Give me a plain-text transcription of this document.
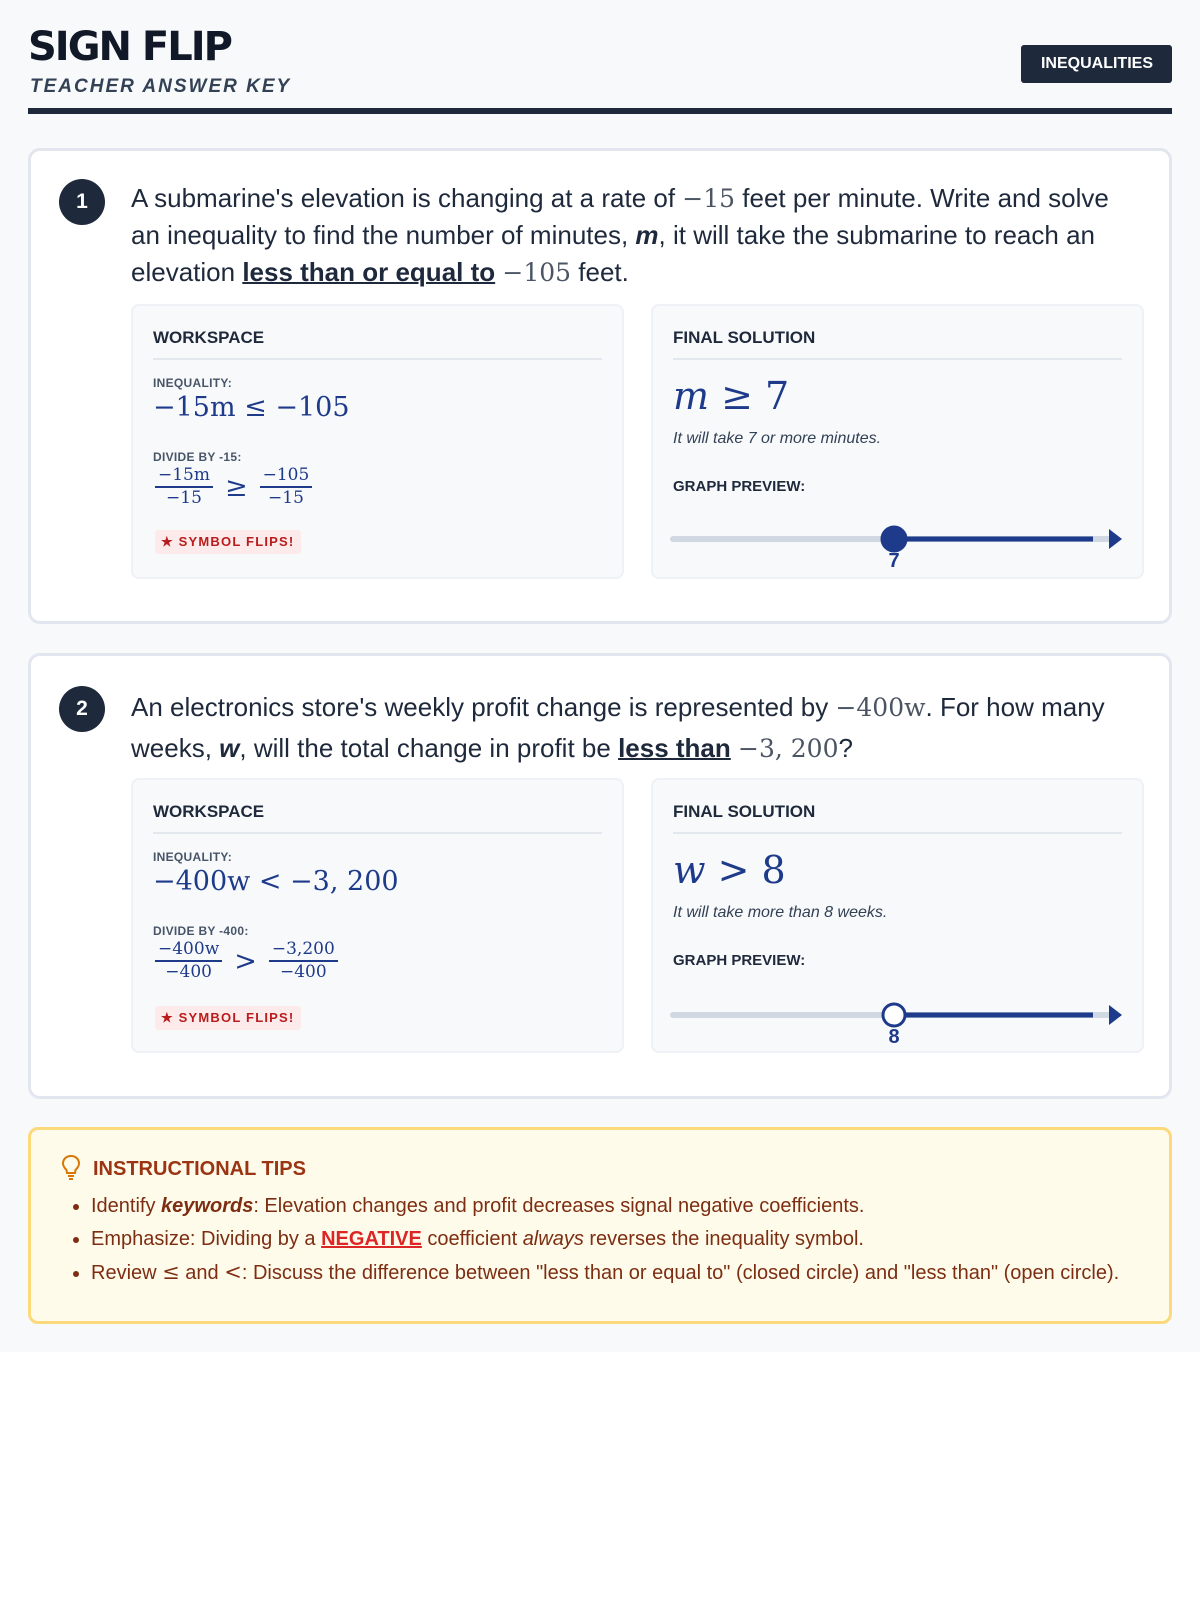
SIGN FLIP
TEACHER ANSWER KEY
INEQUALITIES
1	A submarine's elevation is changing at a rate of −15 feet per minute. Write and solve an inequality to find the number of minutes, m, it will take the submarine to reach an elevation less than or equal to −105 feet.
WORKSPACE
INEQUALITY:
−15m ≤ −105
DIVIDE BY -15:
$\frac{-15m}{-15} \ge \frac{-105}{-15}$
★ SYMBOL FLIPS!
FINAL SOLUTION
m ≥ 7
It will take 7 or more minutes.
GRAPH PREVIEW:
7
2	An electronics store's weekly profit change is represented by −400w. For how many weeks, w, will the total change in profit be less than −3, 200?
WORKSPACE
INEQUALITY:
−400w < −3, 200
DIVIDE BY -400:
$\frac{-400w}{-400} > \frac{-3,200}{-400}$
★ SYMBOL FLIPS!
FINAL SOLUTION
w > 8
It will take more than 8 weeks.
GRAPH PREVIEW:
8
INSTRUCTIONAL TIPS
• Identify keywords: Elevation changes and profit decreases signal negative coefficients.
• Emphasize: Dividing by a NEGATIVE coefficient always reverses the inequality symbol.
• Review ≤ and <: Discuss the difference between "less than or equal to" (closed circle) and "less than" (open circle).
